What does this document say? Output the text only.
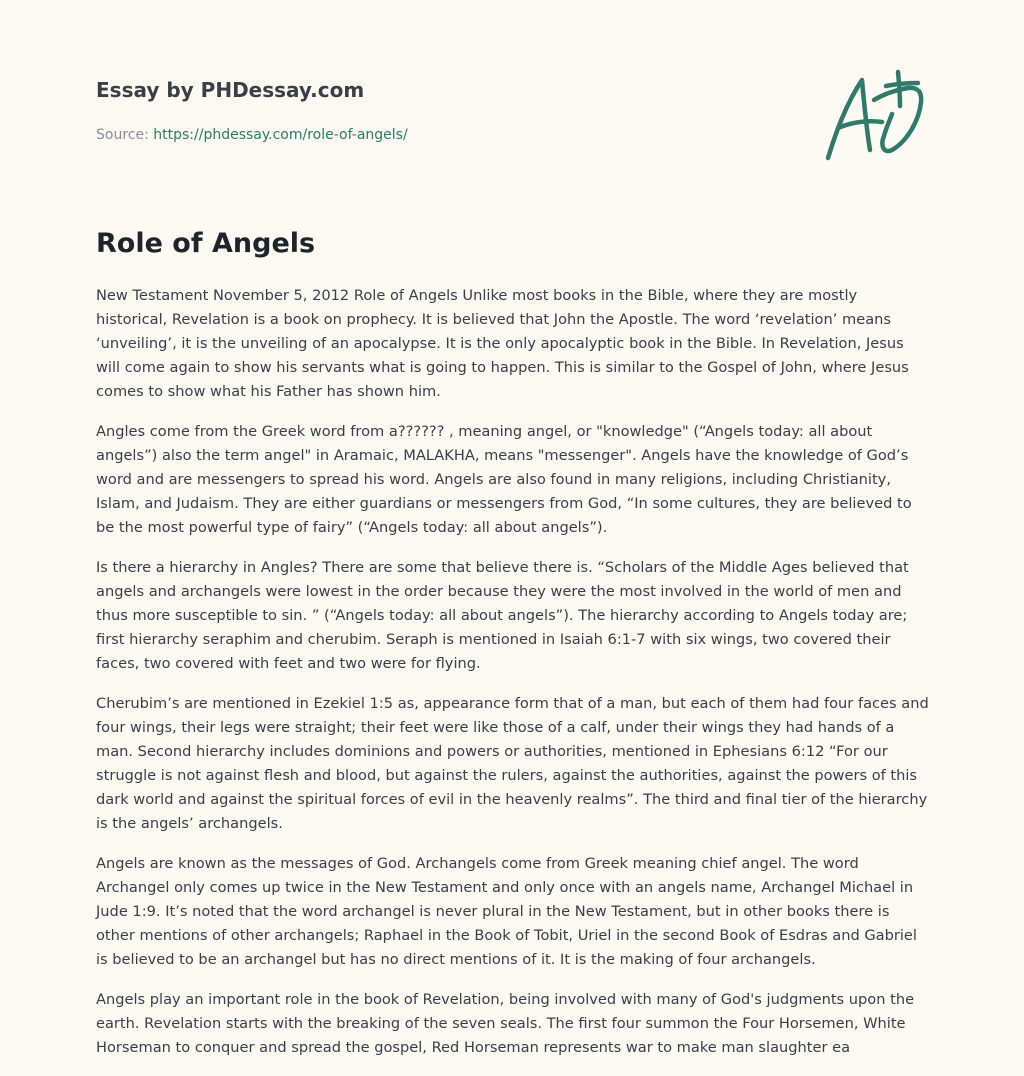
Essay by PHDessay.com
Source: https://phdessay.com/role-of-angels/
Role of Angels

New Testament November 5, 2012 Role of Angels Unlike most books in the Bible, where they are mostly historical, Revelation is a book on prophecy. It is believed that John the Apostle. The word ‘revelation’ means ‘unveiling’, it is the unveiling of an apocalypse. It is the only apocalyptic book in the Bible. In Revelation, Jesus will come again to show his servants what is going to happen. This is similar to the Gospel of John, where Jesus comes to show what his Father has shown him.

Angles come from the Greek word from a?????? , meaning angel, or "knowledge" (“Angels today: all about angels”) also the term angel" in Aramaic, MALAKHA, means "messenger". Angels have the knowledge of God’s word and are messengers to spread his word. Angels are also found in many religions, including Christianity, Islam, and Judaism. They are either guardians or messengers from God, “In some cultures, they are believed to be the most powerful type of fairy” (“Angels today: all about angels”).

Is there a hierarchy in Angles? There are some that believe there is. “Scholars of the Middle Ages believed that angels and archangels were lowest in the order because they were the most involved in the world of men and thus more susceptible to sin. ” (“Angels today: all about angels”). The hierarchy according to Angels today are; first hierarchy seraphim and cherubim. Seraph is mentioned in Isaiah 6:1-7 with six wings, two covered their faces, two covered with feet and two were for flying.

Cherubim’s are mentioned in Ezekiel 1:5 as, appearance form that of a man, but each of them had four faces and four wings, their legs were straight; their feet were like those of a calf, under their wings they had hands of a man. Second hierarchy includes dominions and powers or authorities, mentioned in Ephesians 6:12 “For our struggle is not against flesh and blood, but against the rulers, against the authorities, against the powers of this dark world and against the spiritual forces of evil in the heavenly realms”. The third and final tier of the hierarchy is the angels’ archangels.

Angels are known as the messages of God. Archangels come from Greek meaning chief angel. The word Archangel only comes up twice in the New Testament and only once with an angels name, Archangel Michael in Jude 1:9. It’s noted that the word archangel is never plural in the New Testament, but in other books there is other mentions of other archangels; Raphael in the Book of Tobit, Uriel in the second Book of Esdras and Gabriel is believed to be an archangel but has no direct mentions of it. It is the making of four archangels.

Angels play an important role in the book of Revelation, being involved with many of God's judgments upon the earth. Revelation starts with the breaking of the seven seals. The first four summon the Four Horsemen, White Horseman to conquer and spread the gospel, Red Horseman represents war to make man slaughter ea
